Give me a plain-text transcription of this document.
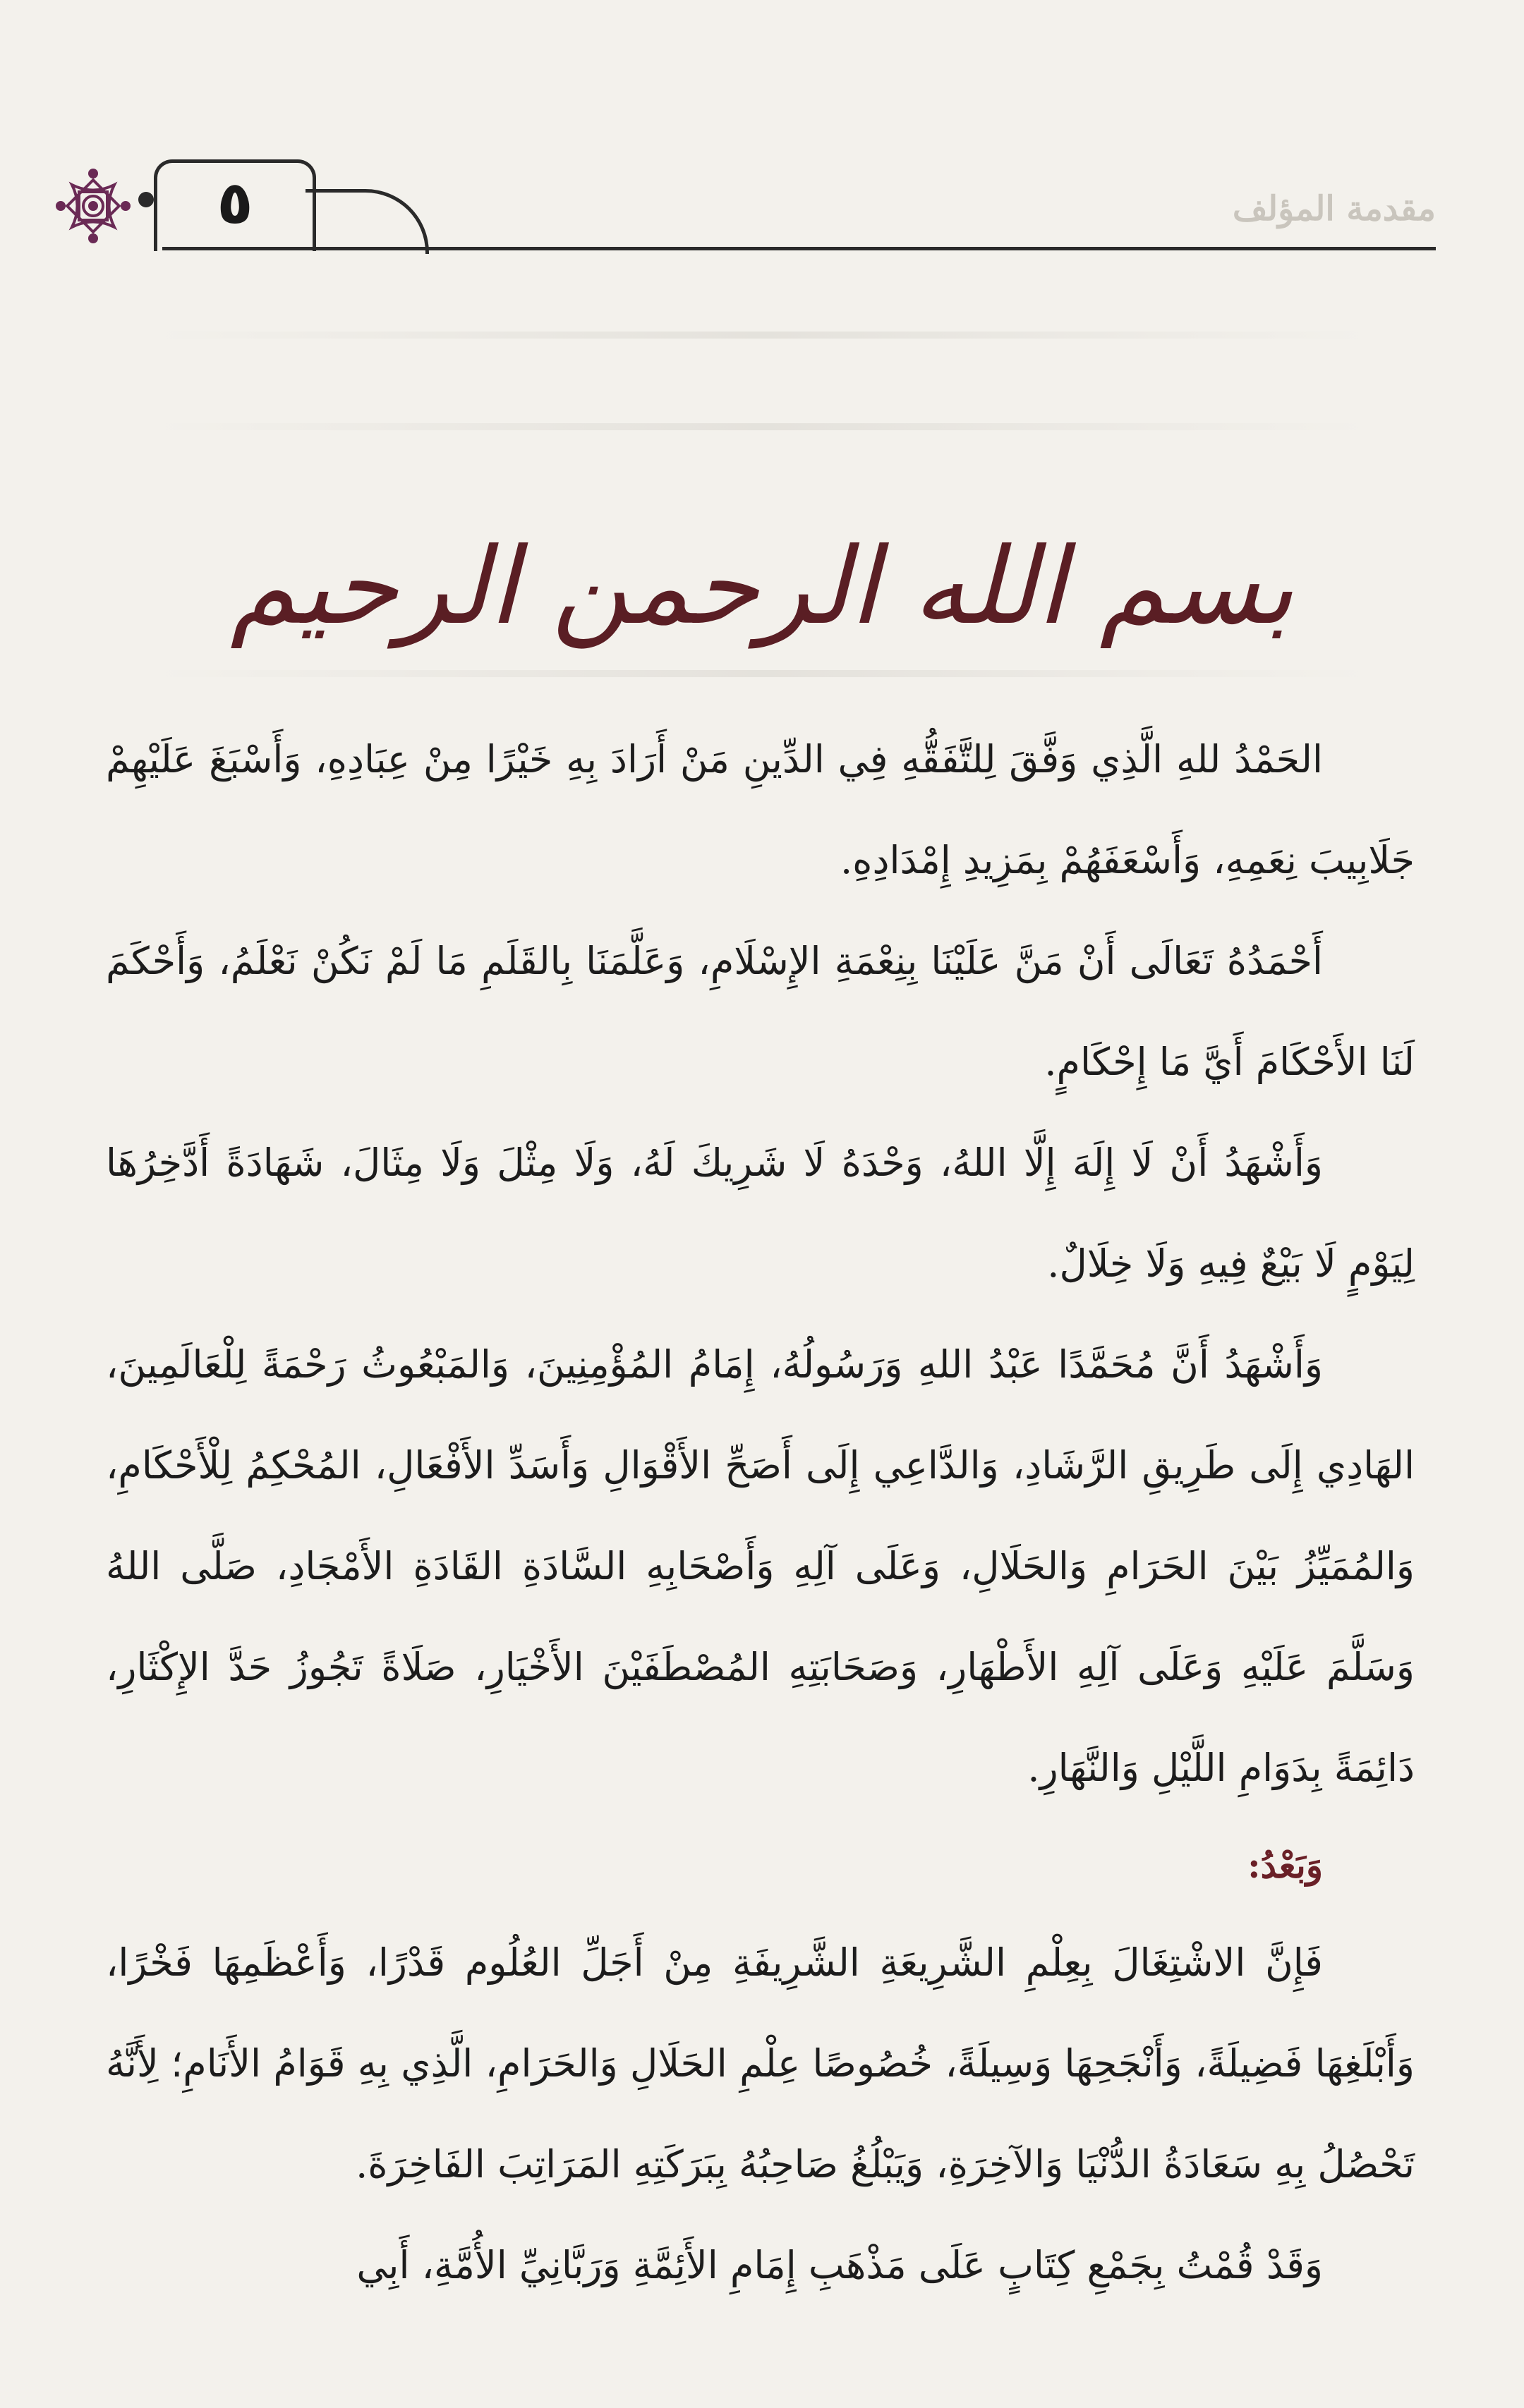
٥	مقدمة المؤلف
بسم الله الرحمن الرحيم

الحَمْدُ للهِ الَّذِي وَفَّقَ لِلتَّفَقُّهِ فِي الدِّينِ مَنْ أَرَادَ بِهِ خَيْرًا مِنْ عِبَادِهِ، وَأَسْبَغَ عَلَيْهِمْ جَلَابِيبَ نِعَمِهِ، وَأَسْعَفَهُمْ بِمَزِيدِ إِمْدَادِهِ.

أَحْمَدُهُ تَعَالَى أَنْ مَنَّ عَلَيْنَا بِنِعْمَةِ الإِسْلَامِ، وَعَلَّمَنَا بِالقَلَمِ مَا لَمْ نَكُنْ نَعْلَمُ، وَأَحْكَمَ لَنَا الأَحْكَامَ أَيَّ مَا إِحْكَامٍ.

وَأَشْهَدُ أَنْ لَا إِلَهَ إِلَّا اللهُ، وَحْدَهُ لَا شَرِيكَ لَهُ، وَلَا مِثْلَ وَلَا مِثَالَ، شَهَادَةً أَدَّخِرُهَا لِيَوْمٍ لَا بَيْعٌ فِيهِ وَلَا خِلَالٌ.

وَأَشْهَدُ أَنَّ مُحَمَّدًا عَبْدُ اللهِ وَرَسُولُهُ، إِمَامُ المُؤْمِنِينَ، وَالمَبْعُوثُ رَحْمَةً لِلْعَالَمِينَ، الهَادِي إِلَى طَرِيقِ الرَّشَادِ، وَالدَّاعِي إِلَى أَصَحِّ الأَقْوَالِ وَأَسَدِّ الأَفْعَالِ، المُحْكِمُ لِلْأَحْكَامِ، وَالمُمَيِّزُ بَيْنَ الحَرَامِ وَالحَلَالِ، وَعَلَى آلِهِ وَأَصْحَابِهِ السَّادَةِ القَادَةِ الأَمْجَادِ، صَلَّى اللهُ وَسَلَّمَ عَلَيْهِ وَعَلَى آلِهِ الأَطْهَارِ، وَصَحَابَتِهِ المُصْطَفَيْنَ الأَخْيَارِ، صَلَاةً تَجُوزُ حَدَّ الإِكْثَارِ، دَائِمَةً بِدَوَامِ اللَّيْلِ وَالنَّهَارِ.

وَبَعْدُ:

فَإِنَّ الاشْتِغَالَ بِعِلْمِ الشَّرِيعَةِ الشَّرِيفَةِ مِنْ أَجَلِّ العُلُوم قَدْرًا، وَأَعْظَمِهَا فَخْرًا، وَأَبْلَغِهَا فَضِيلَةً، وَأَنْجَحِهَا وَسِيلَةً، خُصُوصًا عِلْمِ الحَلَالِ وَالحَرَامِ، الَّذِي بِهِ قَوَامُ الأَنَامِ؛ لِأَنَّهُ تَحْصُلُ بِهِ سَعَادَةُ الدُّنْيَا وَالآخِرَةِ، وَيَبْلُغُ صَاحِبُهُ بِبَرَكَتِهِ المَرَاتِبَ الفَاخِرَةَ.

وَقَدْ قُمْتُ بِجَمْعِ كِتَابٍ عَلَى مَذْهَبِ إِمَامِ الأَئِمَّةِ وَرَبَّانِيِّ الأُمَّةِ، أَبِي
